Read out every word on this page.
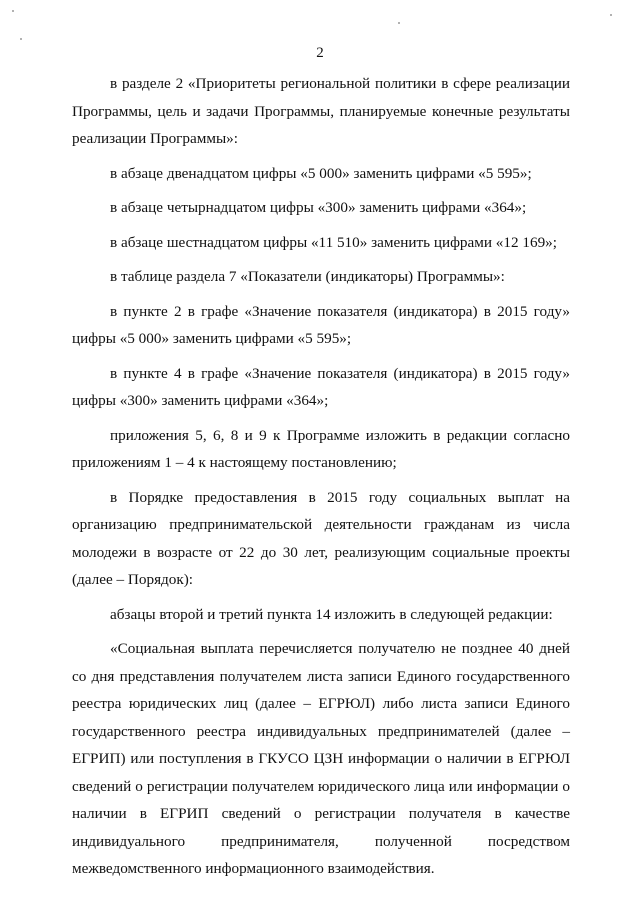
2

в разделе 2 «Приоритеты региональной политики в сфере реализации Программы, цель и задачи Программы, планируемые конечные результаты реализации Программы»:

в абзаце двенадцатом цифры «5 000» заменить цифрами «5 595»;

в абзаце четырнадцатом цифры «300» заменить цифрами «364»;

в абзаце шестнадцатом цифры «11 510» заменить цифрами «12 169»;

в таблице раздела 7 «Показатели (индикаторы) Программы»:

в пункте 2 в графе «Значение показателя (индикатора) в 2015 году» цифры «5 000» заменить цифрами «5 595»;

в пункте 4 в графе «Значение показателя (индикатора) в 2015 году» цифры «300» заменить цифрами «364»;

приложения 5, 6, 8 и 9 к Программе изложить в редакции согласно приложениям 1 – 4 к настоящему постановлению;

в Порядке предоставления в 2015 году социальных выплат на организацию предпринимательской деятельности гражданам из числа молодежи в возрасте от 22 до 30 лет, реализующим социальные проекты (далее – Порядок):

абзацы второй и третий пункта 14 изложить в следующей редакции:

«Социальная выплата перечисляется получателю не позднее 40 дней со дня представления получателем листа записи Единого государственного реестра юридических лиц (далее – ЕГРЮЛ) либо листа записи Единого государственного реестра индивидуальных предпринимателей (далее – ЕГРИП) или поступления в ГКУСО ЦЗН информации о наличии в ЕГРЮЛ сведений о регистрации получателем юридического лица или информации о наличии в ЕГРИП сведений о регистрации получателя в качестве индивидуального предпринимателя, полученной посредством межведомственного информационного взаимодействия.
